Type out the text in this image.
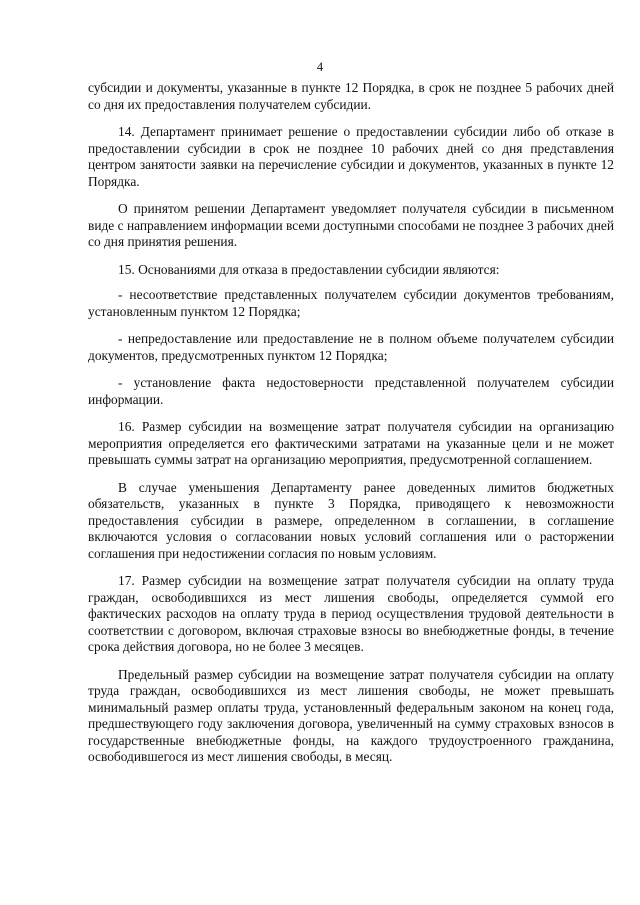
4

субсидии и документы, указанные в пункте 12 Порядка, в срок не позднее 5 рабочих дней со дня их предоставления получателем субсидии.

14. Департамент принимает решение о предоставлении субсидии либо об отказе в предоставлении субсидии в срок не позднее 10 рабочих дней со дня представления центром занятости заявки на перечисление субсидии и документов, указанных в пункте 12 Порядка.

О принятом решении Департамент уведомляет получателя субсидии в письменном виде с направлением информации всеми доступными способами не позднее 3 рабочих дней со дня принятия решения.

15. Основаниями для отказа в предоставлении субсидии являются:

- несоответствие представленных получателем субсидии документов требованиям, установленным пунктом 12 Порядка;

- непредоставление или предоставление не в полном объеме получателем субсидии документов, предусмотренных пунктом 12 Порядка;

- установление факта недостоверности представленной получателем субсидии информации.

16. Размер субсидии на возмещение затрат получателя субсидии на организацию мероприятия определяется его фактическими затратами на указанные цели и не может превышать суммы затрат на организацию мероприятия, предусмотренной соглашением.

В случае уменьшения Департаменту ранее доведенных лимитов бюджетных обязательств, указанных в пункте 3 Порядка, приводящего к невозможности предоставления субсидии в размере, определенном в соглашении, в соглашение включаются условия о согласовании новых условий соглашения или о расторжении соглашения при недостижении согласия по новым условиям.

17. Размер субсидии на возмещение затрат получателя субсидии на оплату труда граждан, освободившихся из мест лишения свободы, определяется суммой его фактических расходов на оплату труда в период осуществления трудовой деятельности в соответствии с договором, включая страховые взносы во внебюджетные фонды, в течение срока действия договора, но не более 3 месяцев.

Предельный размер субсидии на возмещение затрат получателя субсидии на оплату труда граждан, освободившихся из мест лишения свободы, не может превышать минимальный размер оплаты труда, установленный федеральным законом на конец года, предшествующего году заключения договора, увеличенный на сумму страховых взносов в государственные внебюджетные фонды, на каждого трудоустроенного гражданина, освободившегося из мест лишения свободы, в месяц.
